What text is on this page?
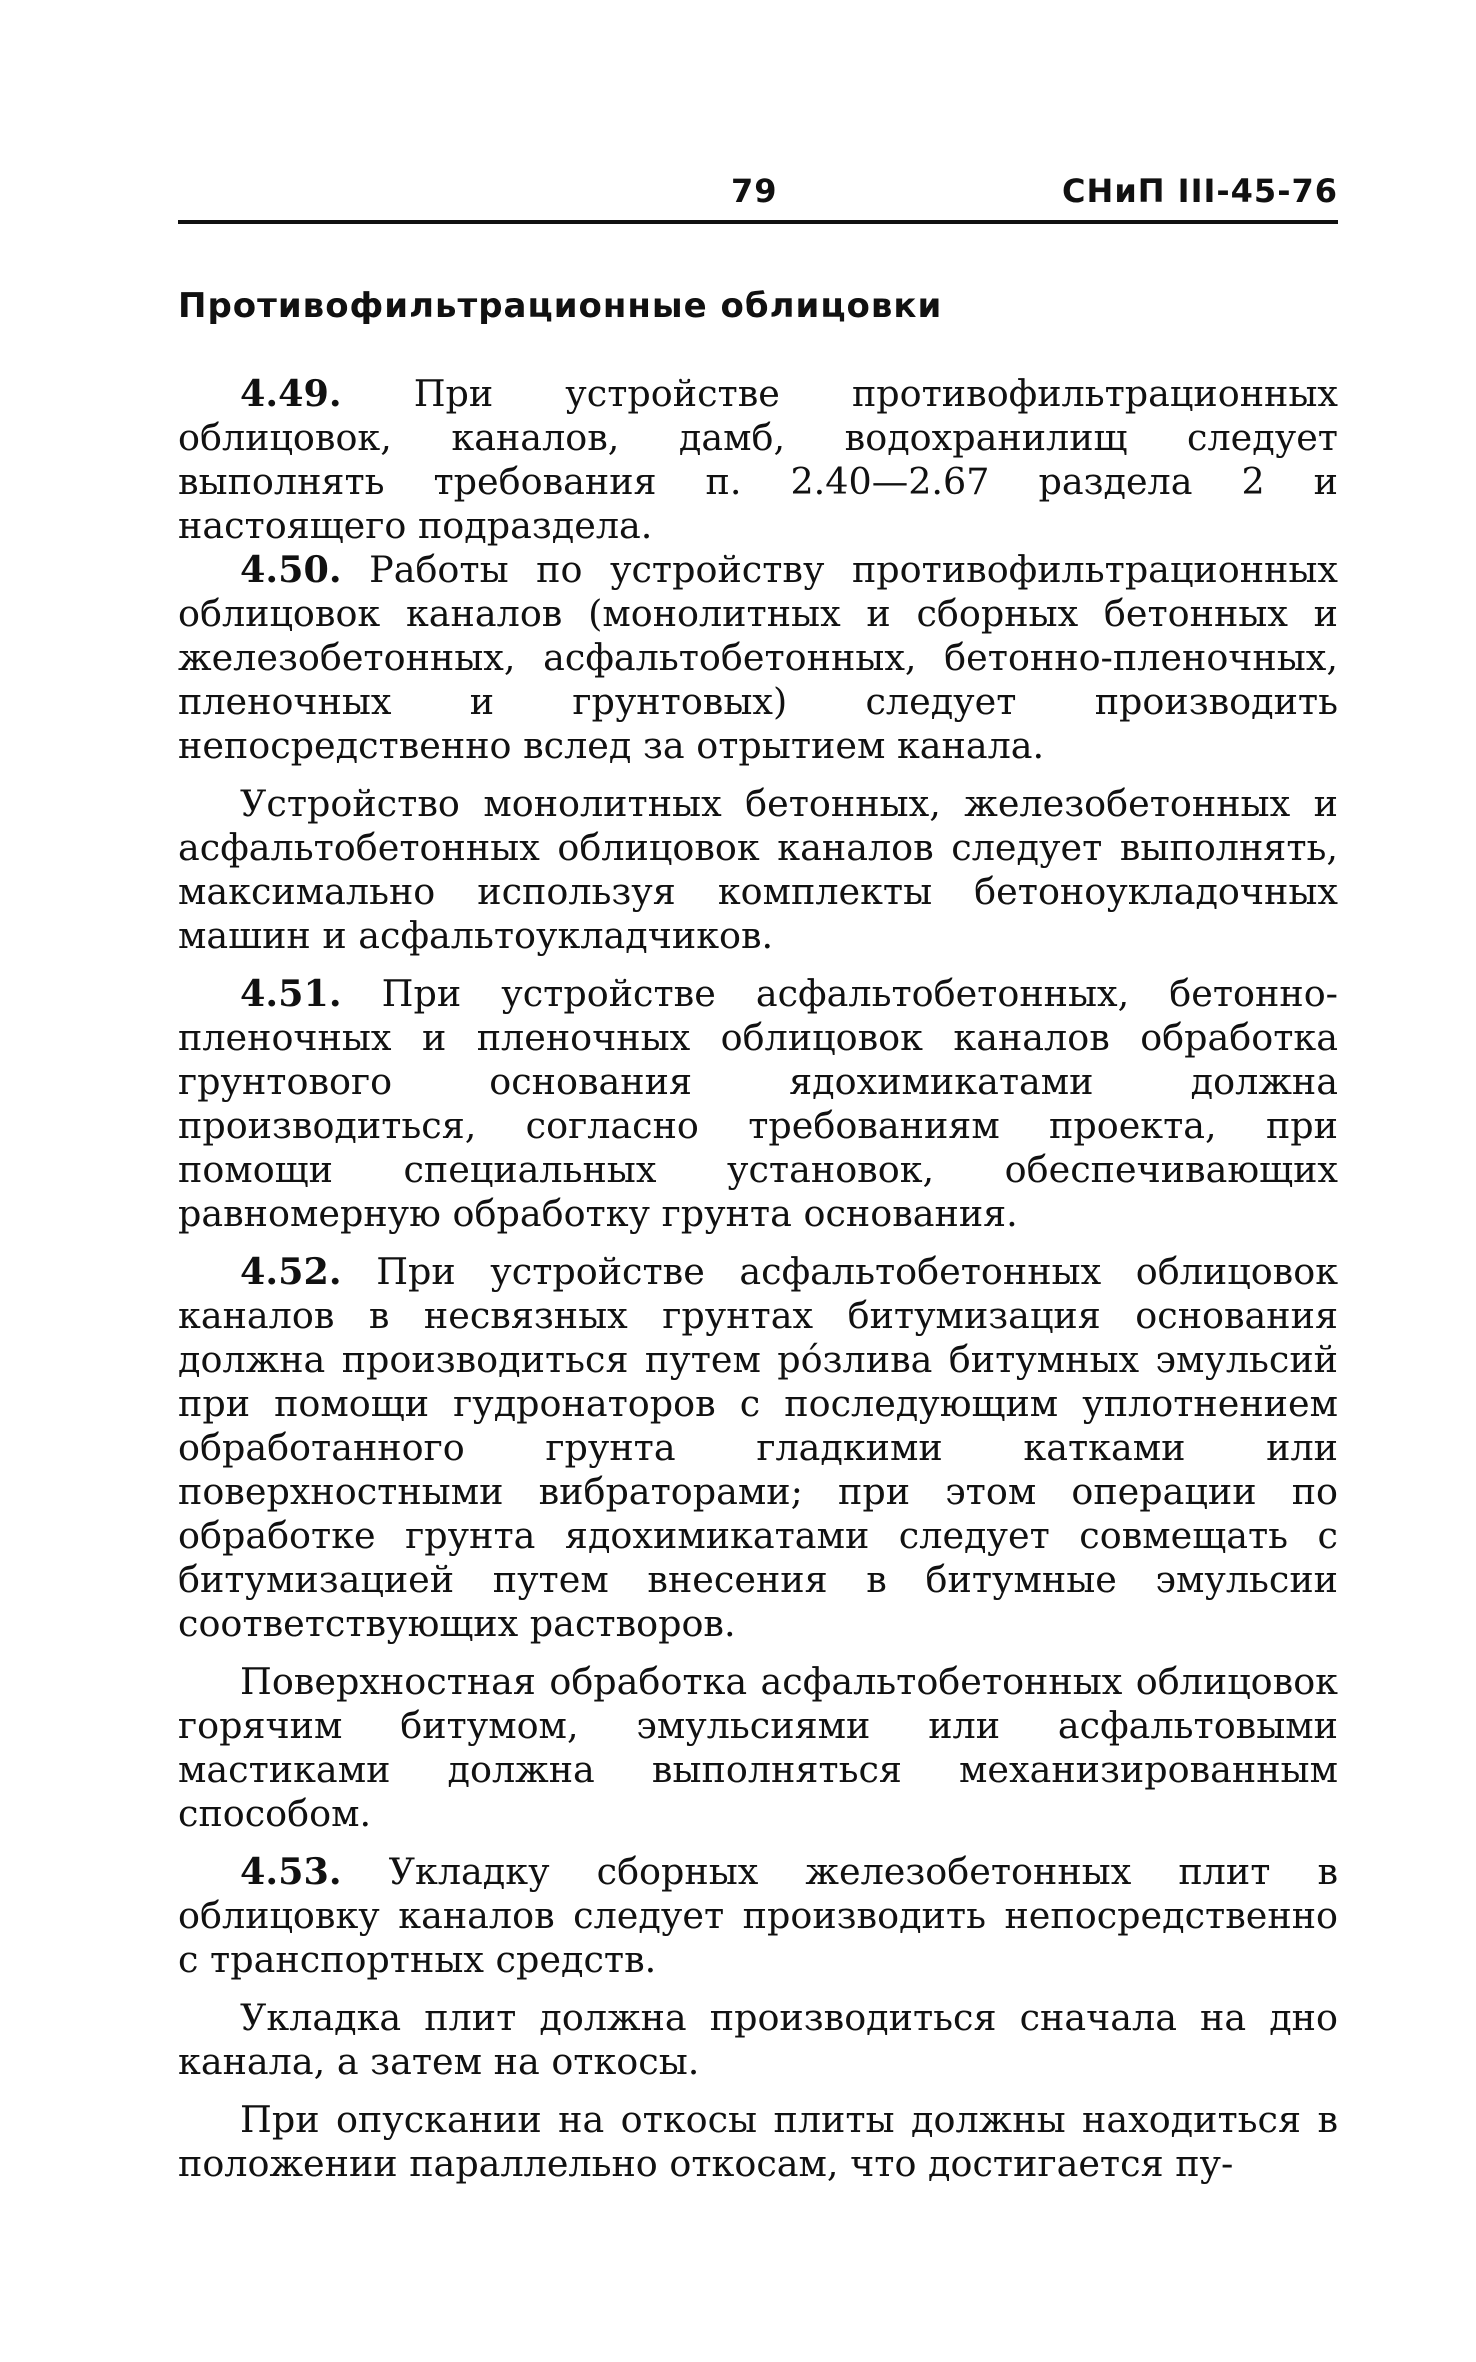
79	СНиП III-45-76
Противофильтрационные облицовки

4.49. При устройстве противофильтрационных облицовок, каналов, дамб, водохранилищ следует выполнять требования п. 2.40—2.67 раздела 2 и настоящего подраздела.

4.50. Работы по устройству противофильтрационных облицовок каналов (монолитных и сборных бетонных и железобетонных, асфальтобетонных, бетонно-пленочных, пленочных и грунтовых) следует производить непосредственно вслед за отрытием канала.

Устройство монолитных бетонных, железобетонных и асфальтобетонных облицовок каналов следует выполнять, максимально используя комплекты бетоноукладочных машин и асфальтоукладчиков.

4.51. При устройстве асфальтобетонных, бетонно-пленочных и пленочных облицовок каналов обработка грунтового основания ядохимикатами должна производиться, согласно требованиям проекта, при помощи специальных установок, обеспечивающих равномерную обработку грунта основания.

4.52. При устройстве асфальтобетонных облицовок каналов в несвязных грунтах битумизация основания должна производиться путем рóзлива битумных эмульсий при помощи гудронаторов с последующим уплотнением обработанного грунта гладкими катками или поверхностными вибраторами; при этом операции по обработке грунта ядохимикатами следует совмещать с битумизацией путем внесения в битумные эмульсии соответствующих растворов.

Поверхностная обработка асфальтобетонных облицовок горячим битумом, эмульсиями или асфальтовыми мастиками должна выполняться механизированным способом.

4.53. Укладку сборных железобетонных плит в облицовку каналов следует производить непосредственно с транспортных средств.

Укладка плит должна производиться сначала на дно канала, а затем на откосы.

При опускании на откосы плиты должны находиться в положении параллельно откосам, что достигается пу-
